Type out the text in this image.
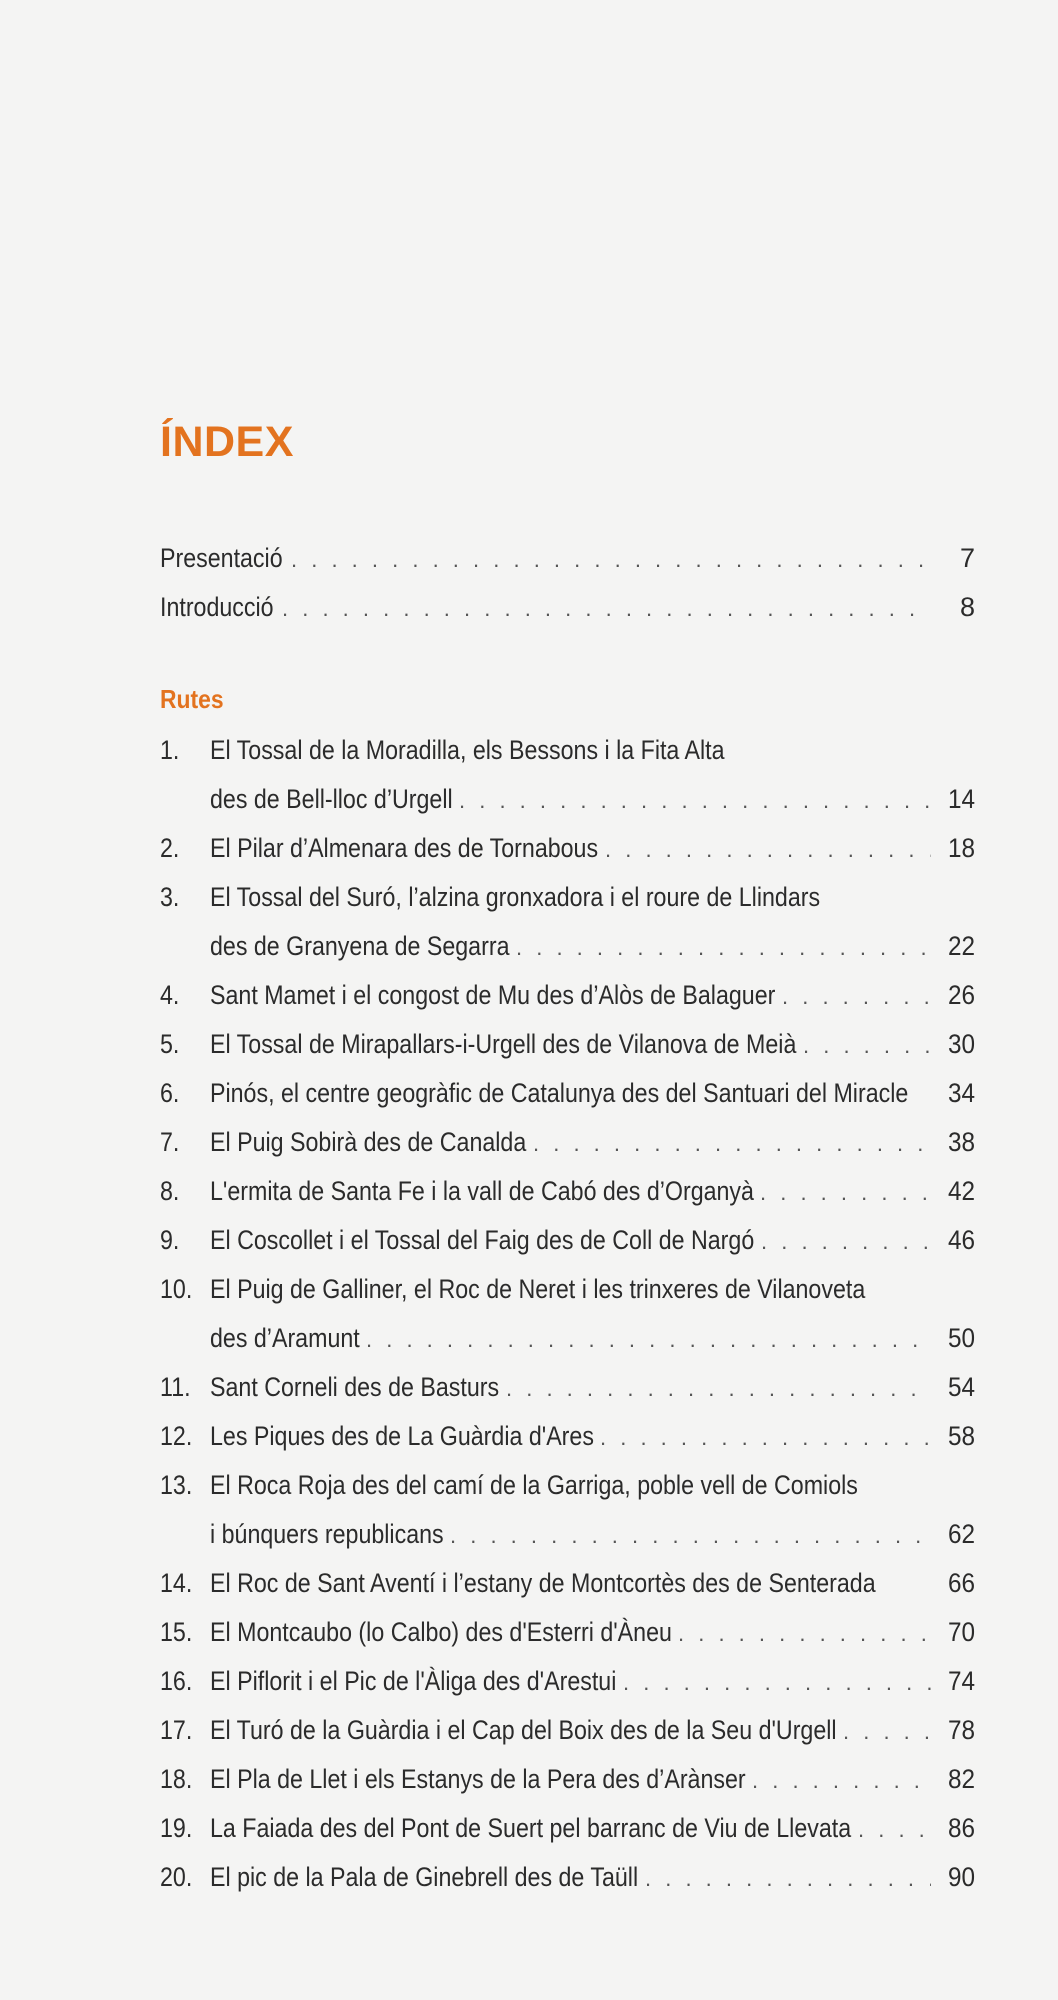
ÍNDEX
Presentació . . .	7
Introducció . . .	8
Rutes
1.	El Tossal de la Moradilla, els Bessons i la Fita Alta
des de Bell-lloc d’Urgell . . .	14
2.	El Pilar d’Almenara des de Tornabous . . .	18
3.	El Tossal del Suró, l’alzina gronxadora i el roure de Llindars
des de Granyena de Segarra . . .	22
4.	Sant Mamet i el congost de Mu des d’Alòs de Balaguer . . .	26
5.	El Tossal de Mirapallars-i-Urgell des de Vilanova de Meià . . .	30
6.	Pinós, el centre geogràfic de Catalunya des del Santuari del Miracle 34
7.	El Puig Sobirà des de Canalda . . .	38
8.	L'ermita de Santa Fe i la vall de Cabó des d’Organyà . . .	42
9.	El Coscollet i el Tossal del Faig des de Coll de Nargó . . .	46
10. El Puig de Galliner, el Roc de Neret i les trinxeres de Vilanoveta
des d’Aramunt . . .	50
11. Sant Corneli des de Basturs . . .	54
12. Les Piques des de La Guàrdia d'Ares . . .	58
13. El Roca Roja des del camí de la Garriga, poble vell de Comiols
i búnquers republicans . . .	62
14. El Roc de Sant Aventí i l’estany de Montcortès des de Senterada	66
15. El Montcaubo (lo Calbo) des d'Esterri d'Àneu . . .	70
16. El Piflorit i el Pic de l'Àliga des d'Arestui . . .	74
17. El Turó de la Guàrdia i el Cap del Boix des de la Seu d'Urgell . . .	78
18. El Pla de Llet i els Estanys de la Pera des d’Arànser . . .	82
19. La Faiada des del Pont de Suert pel barranc de Viu de Llevata . . .	86
20. El pic de la Pala de Ginebrell des de Taüll . . .	90
